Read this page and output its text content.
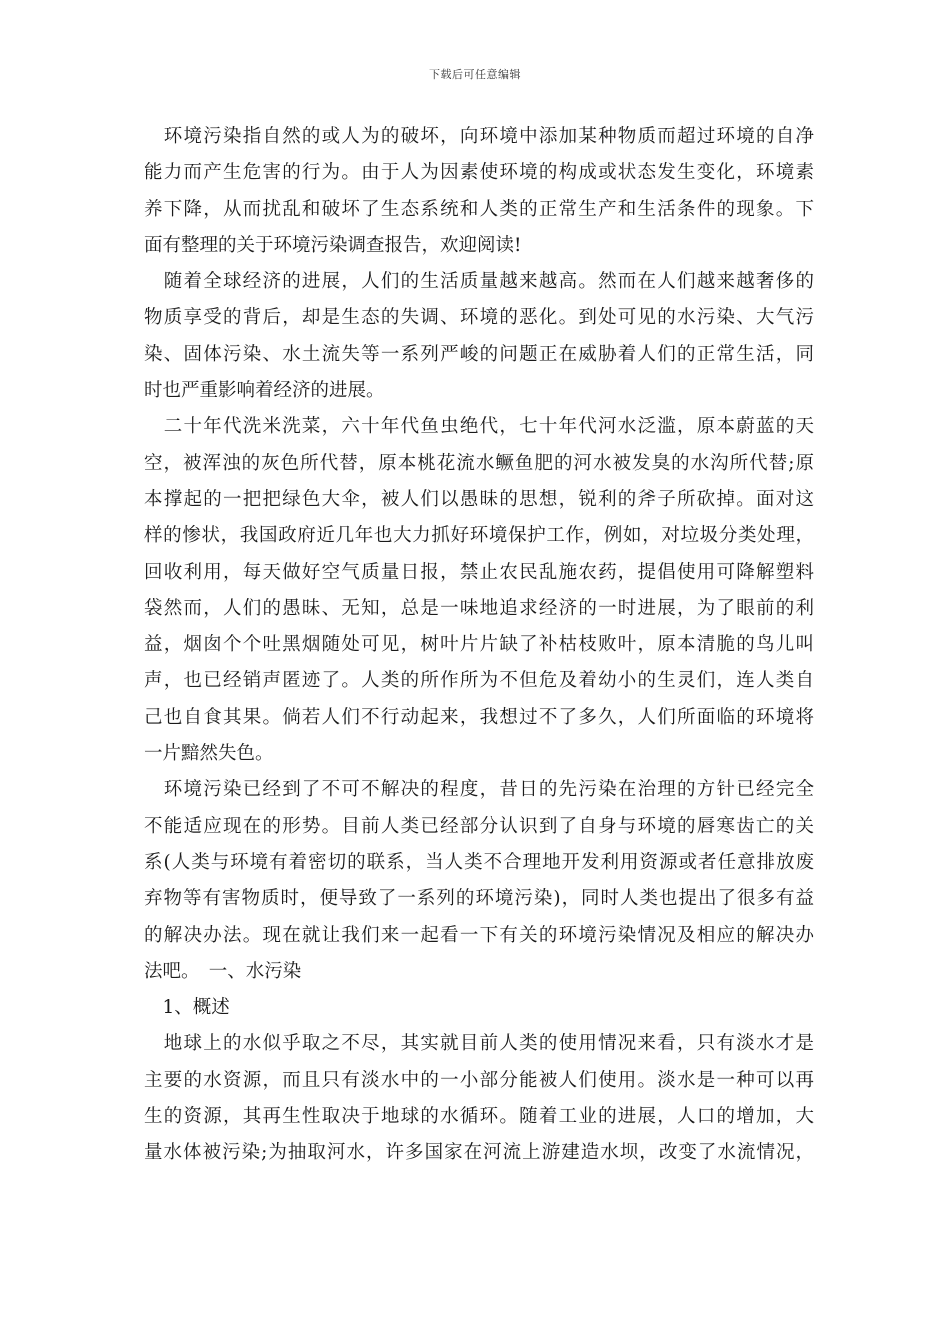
下载后可任意编辑

　环境污染指自然的或人为的破坏，向环境中添加某种物质而超过环境的自净
能力而产生危害的行为。由于人为因素使环境的构成或状态发生变化，环境素
养下降，从而扰乱和破坏了生态系统和人类的正常生产和生活条件的现象。下
面有整理的关于环境污染调查报告，欢迎阅读!

　随着全球经济的进展，人们的生活质量越来越高。然而在人们越来越奢侈的
物质享受的背后，却是生态的失调、环境的恶化。到处可见的水污染、大气污
染、固体污染、水土流失等一系列严峻的问题正在威胁着人们的正常生活，同
时也严重影响着经济的进展。

　二十年代洗米洗菜，六十年代鱼虫绝代，七十年代河水泛滥，原本蔚蓝的天
空，被浑浊的灰色所代替，原本桃花流水鳜鱼肥的河水被发臭的水沟所代替;原
本撑起的一把把绿色大伞，被人们以愚昧的思想，锐利的斧子所砍掉。面对这
样的惨状，我国政府近几年也大力抓好环境保护工作，例如，对垃圾分类处理，
回收利用，每天做好空气质量日报，禁止农民乱施农药，提倡使用可降解塑料
袋然而，人们的愚昧、无知，总是一味地追求经济的一时进展，为了眼前的利
益，烟囱个个吐黑烟随处可见，树叶片片缺了补枯枝败叶，原本清脆的鸟儿叫
声，也已经销声匿迹了。人类的所作所为不但危及着幼小的生灵们，连人类自
己也自食其果。倘若人们不行动起来，我想过不了多久，人们所面临的环境将
一片黯然失色。

　环境污染已经到了不可不解决的程度，昔日的先污染在治理的方针已经完全
不能适应现在的形势。目前人类已经部分认识到了自身与环境的唇寒齿亡的关
系(人类与环境有着密切的联系，当人类不合理地开发利用资源或者任意排放废
弃物等有害物质时，便导致了一系列的环境污染)，同时人类也提出了很多有益
的解决办法。现在就让我们来一起看一下有关的环境污染情况及相应的解决办
法吧。　一、水污染

　1、概述

　地球上的水似乎取之不尽，其实就目前人类的使用情况来看，只有淡水才是
主要的水资源，而且只有淡水中的一小部分能被人们使用。淡水是一种可以再
生的资源，其再生性取决于地球的水循环。随着工业的进展，人口的增加，大
量水体被污染;为抽取河水，许多国家在河流上游建造水坝，改变了水流情况，
